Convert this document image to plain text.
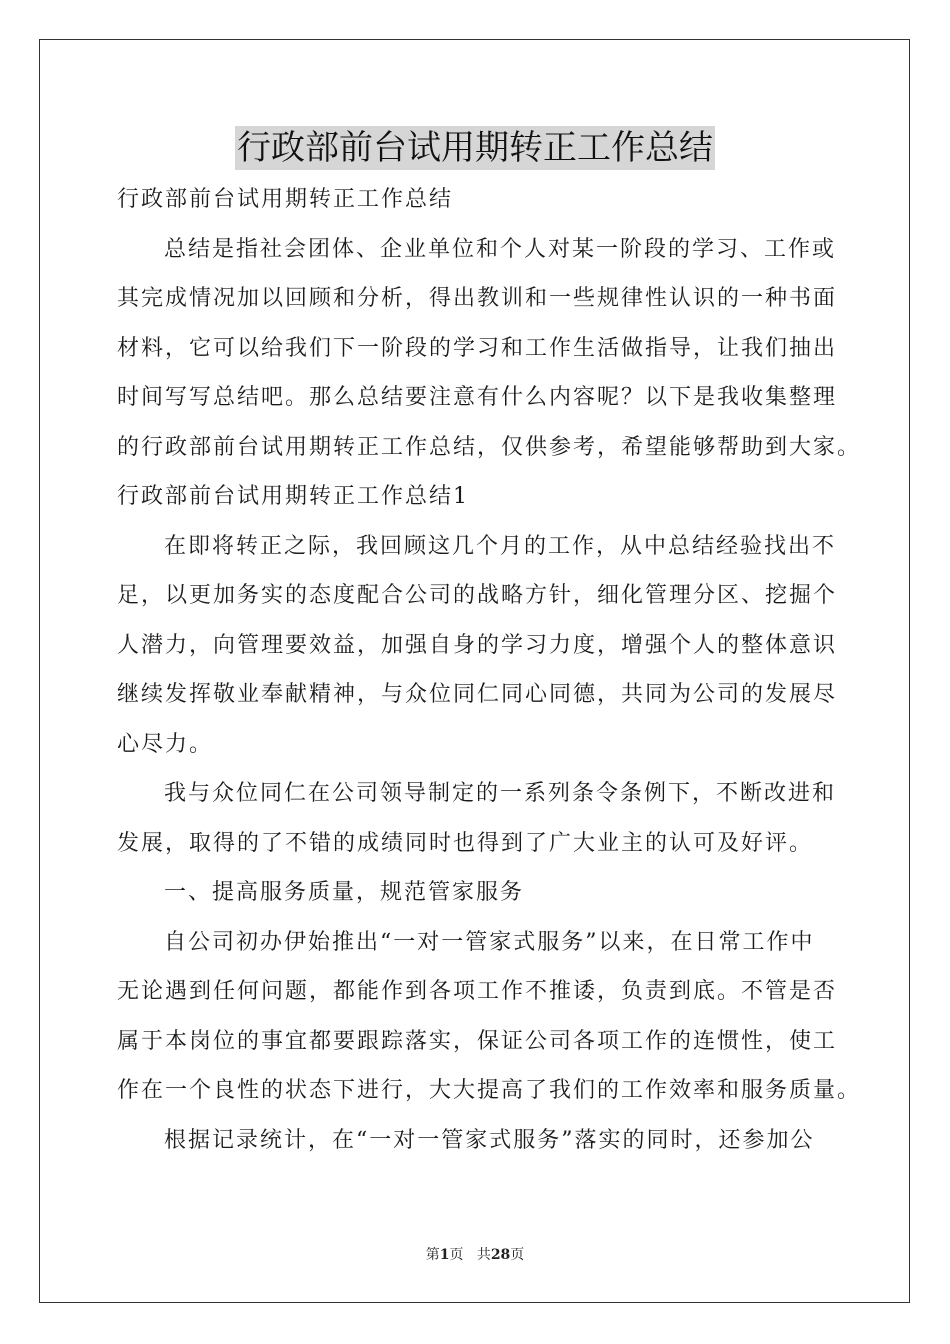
行政部前台试用期转正工作总结
行政部前台试用期转正工作总结
总结是指社会团体、企业单位和个人对某一阶段的学习、工作或
其完成情况加以回顾和分析，得出教训和一些规律性认识的一种书面
材料，它可以给我们下一阶段的学习和工作生活做指导，让我们抽出
时间写写总结吧。那么总结要注意有什么内容呢？以下是我收集整理
的行政部前台试用期转正工作总结，仅供参考，希望能够帮助到大家。
行政部前台试用期转正工作总结1
在即将转正之际，我回顾这几个月的工作，从中总结经验找出不
足，以更加务实的态度配合公司的战略方针，细化管理分区、挖掘个
人潜力，向管理要效益，加强自身的学习力度，增强个人的整体意识
继续发挥敬业奉献精神，与众位同仁同心同德，共同为公司的发展尽
心尽力。
我与众位同仁在公司领导制定的一系列条令条例下，不断改进和
发展，取得的了不错的成绩同时也得到了广大业主的认可及好评。
一、提高服务质量，规范管家服务
自公司初办伊始推出“一对一管家式服务”以来，在日常工作中
无论遇到任何问题，都能作到各项工作不推诿，负责到底。不管是否
属于本岗位的事宜都要跟踪落实，保证公司各项工作的连惯性，使工
作在一个良性的状态下进行，大大提高了我们的工作效率和服务质量。
根据记录统计，在“一对一管家式服务”落实的同时，还参加公
第1页 共28页
